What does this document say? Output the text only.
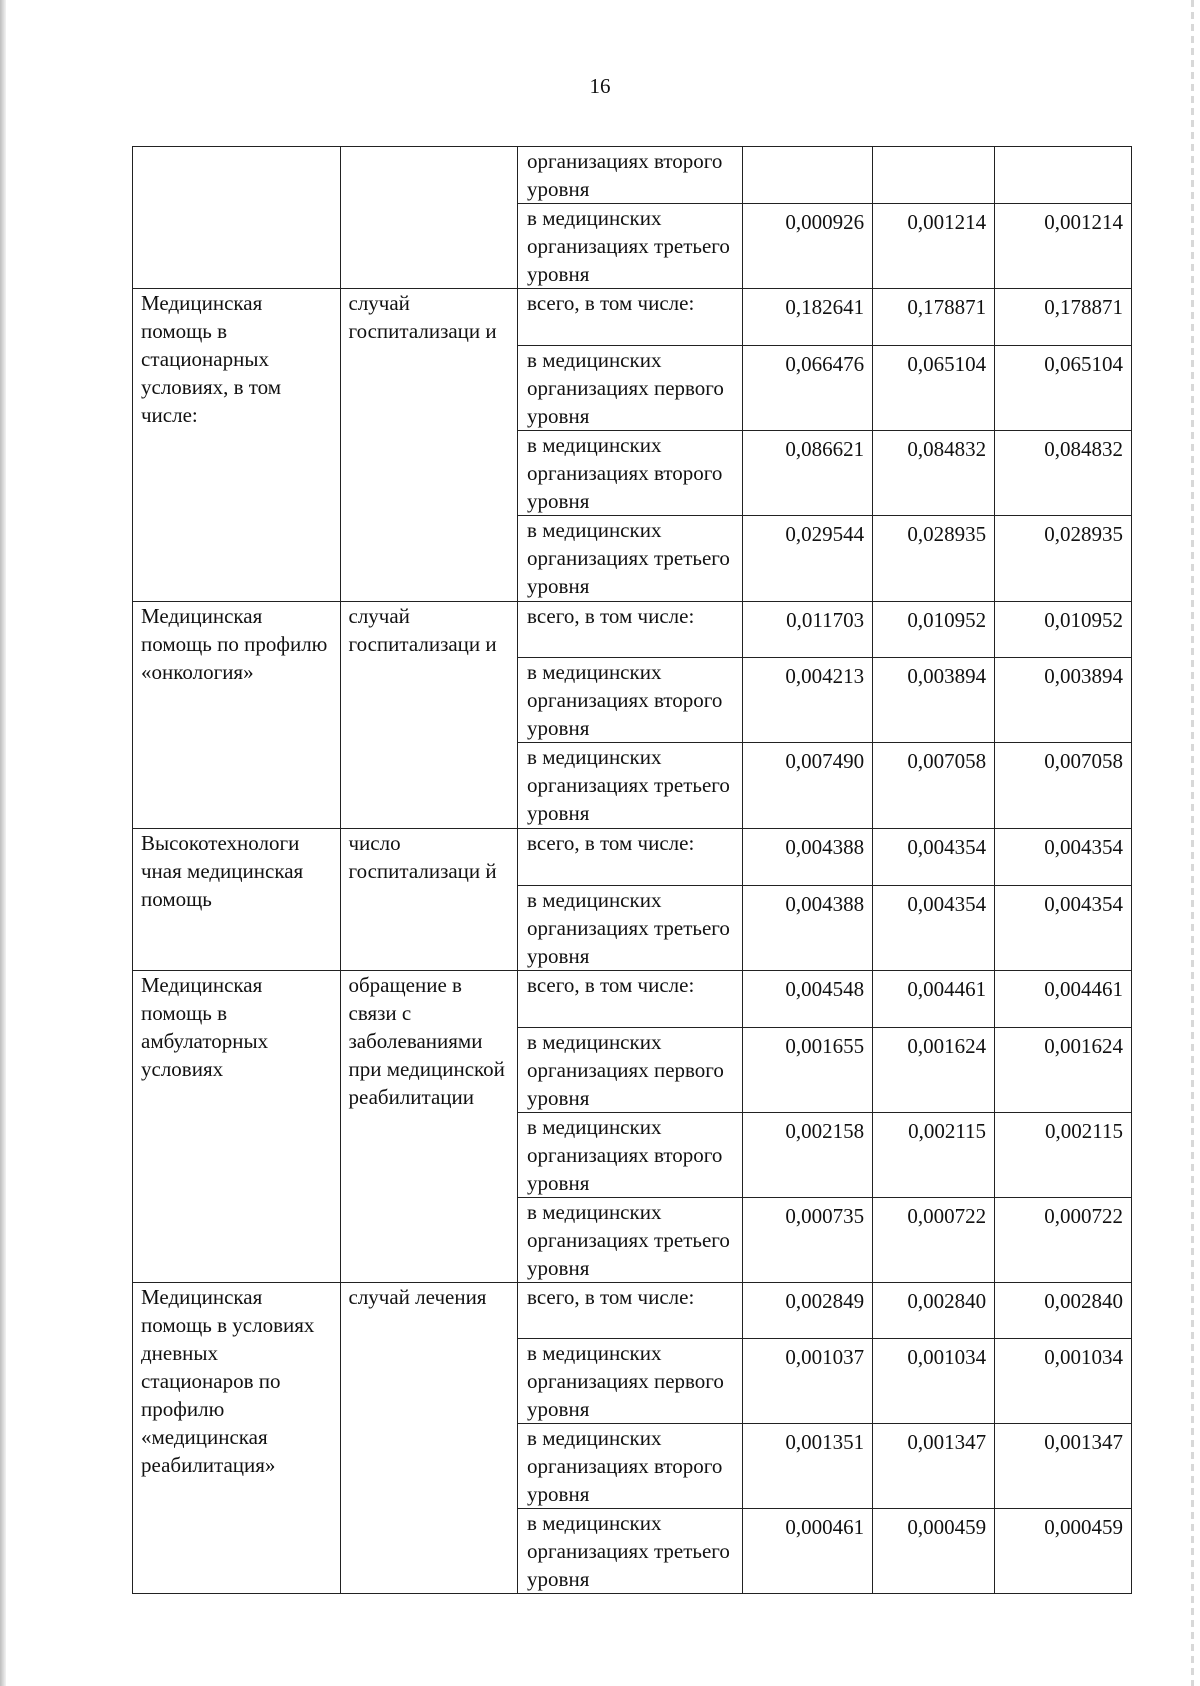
16
		организациях второго уровня			
		в медицинских организациях третьего уровня	0,000926	0,001214	0,001214
Медицинская помощь в стационарных условиях, в том числе:	случай госпитализаци и	всего, в том числе:	0,182641	0,178871	0,178871
		в медицинских организациях первого уровня	0,066476	0,065104	0,065104
		в медицинских организациях второго уровня	0,086621	0,084832	0,084832
		в медицинских организациях третьего уровня	0,029544	0,028935	0,028935
Медицинская помощь по профилю «онкология»	случай госпитализаци и	всего, в том числе:	0,011703	0,010952	0,010952
		в медицинских организациях второго уровня	0,004213	0,003894	0,003894
		в медицинских организациях третьего уровня	0,007490	0,007058	0,007058
Высокотехнологи чная медицинская помощь	число госпитализаци й	всего, в том числе:	0,004388	0,004354	0,004354
		в медицинских организациях третьего уровня	0,004388	0,004354	0,004354
Медицинская помощь в амбулаторных условиях	обращение в связи с заболеваниями при медицинской реабилитации	всего, в том числе:	0,004548	0,004461	0,004461
		в медицинских организациях первого уровня	0,001655	0,001624	0,001624
		в медицинских организациях второго уровня	0,002158	0,002115	0,002115
		в медицинских организациях третьего уровня	0,000735	0,000722	0,000722
Медицинская помощь в условиях дневных стационаров по профилю «медицинская реабилитация»	случай лечения	всего, в том числе:	0,002849	0,002840	0,002840
		в медицинских организациях первого уровня	0,001037	0,001034	0,001034
		в медицинских организациях второго уровня	0,001351	0,001347	0,001347
		в медицинских организациях третьего уровня	0,000461	0,000459	0,000459
